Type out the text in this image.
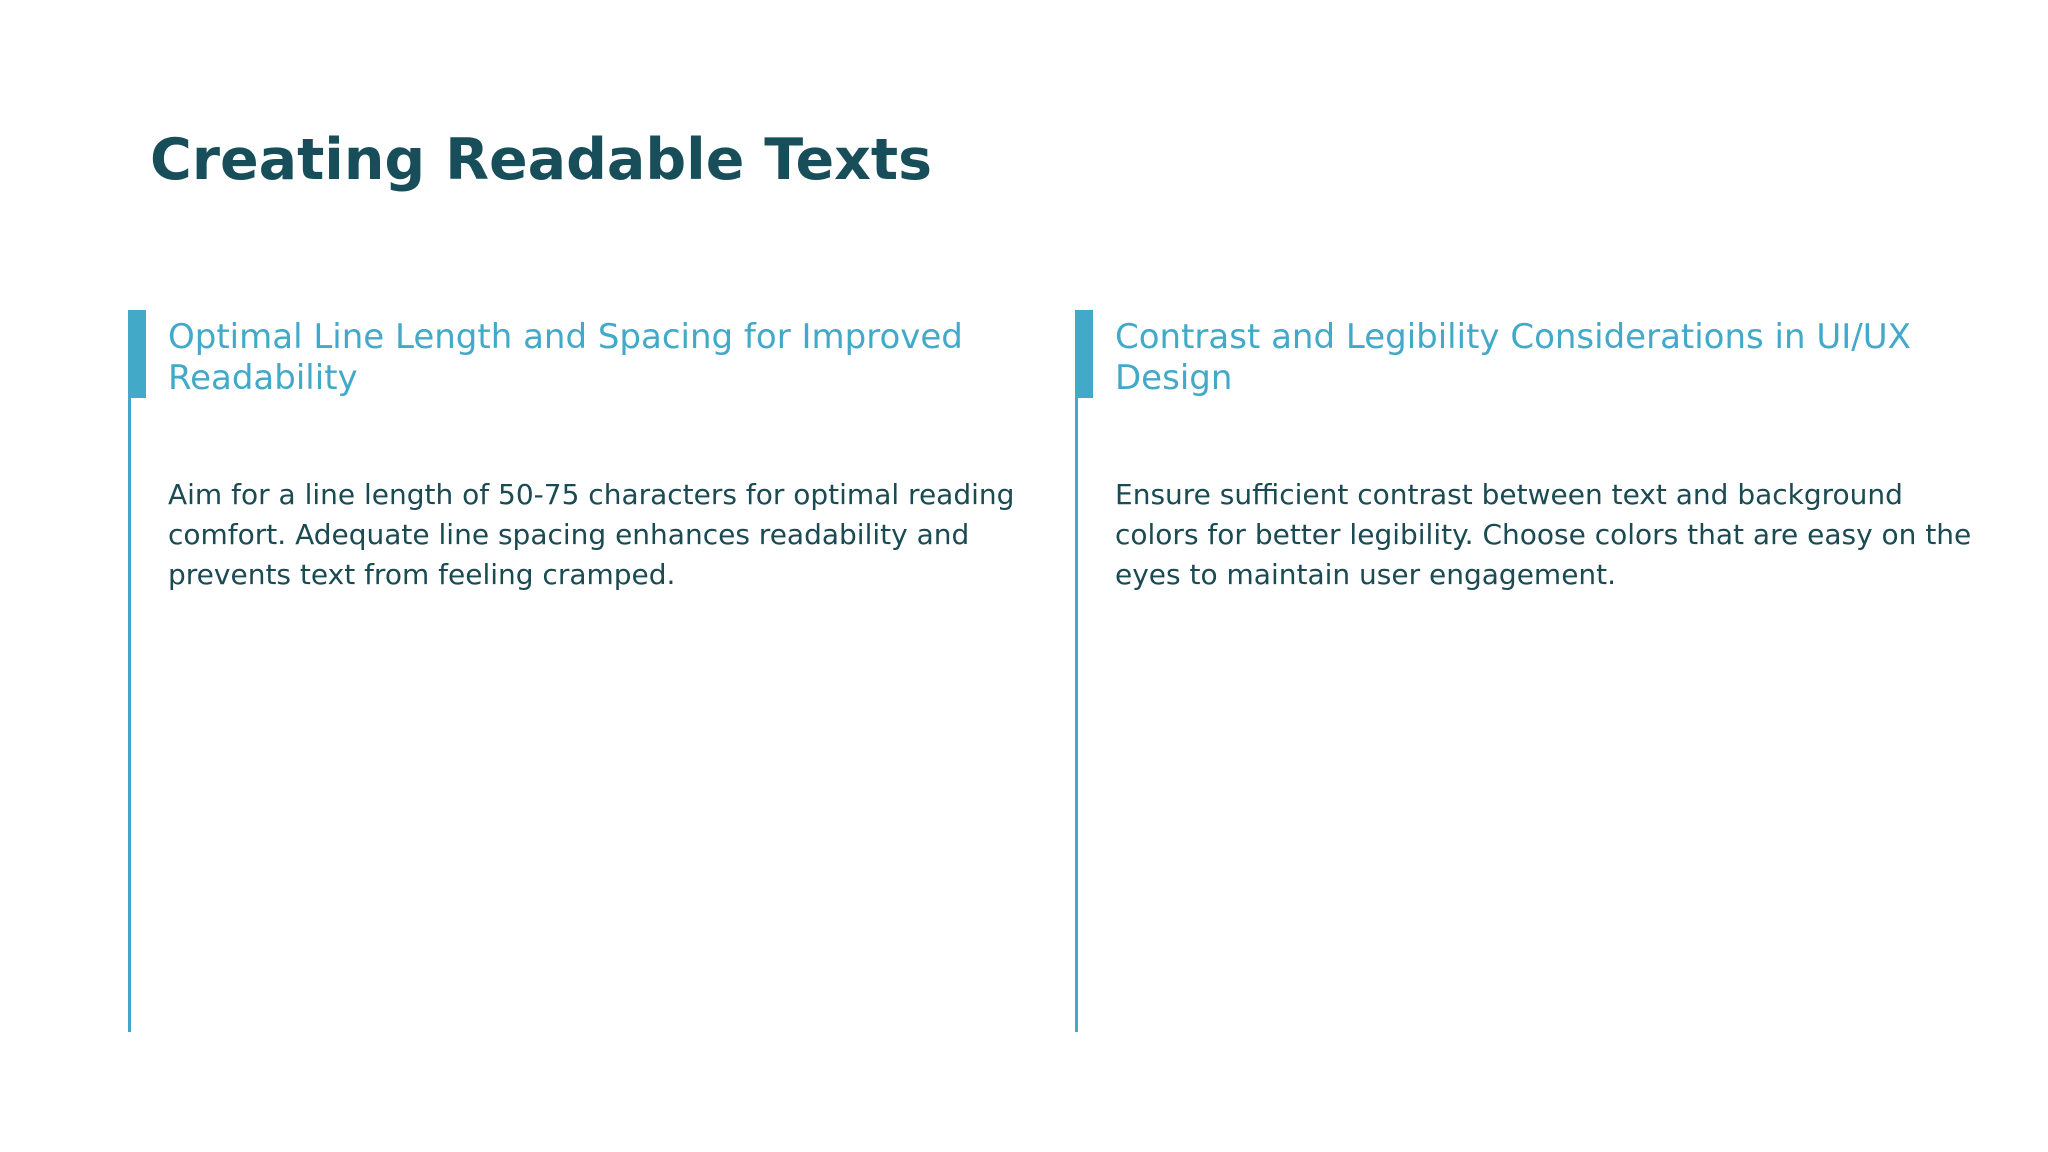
Creating Readable Texts
Optimal Line Length and Spacing for Improved Readability

Aim for a line length of 50-75 characters for optimal reading comfort. Adequate line spacing enhances readability and prevents text from feeling cramped.

Contrast and Legibility Considerations in UI/UX Design

Ensure sufficient contrast between text and background colors for better legibility. Choose colors that are easy on the eyes to maintain user engagement.
